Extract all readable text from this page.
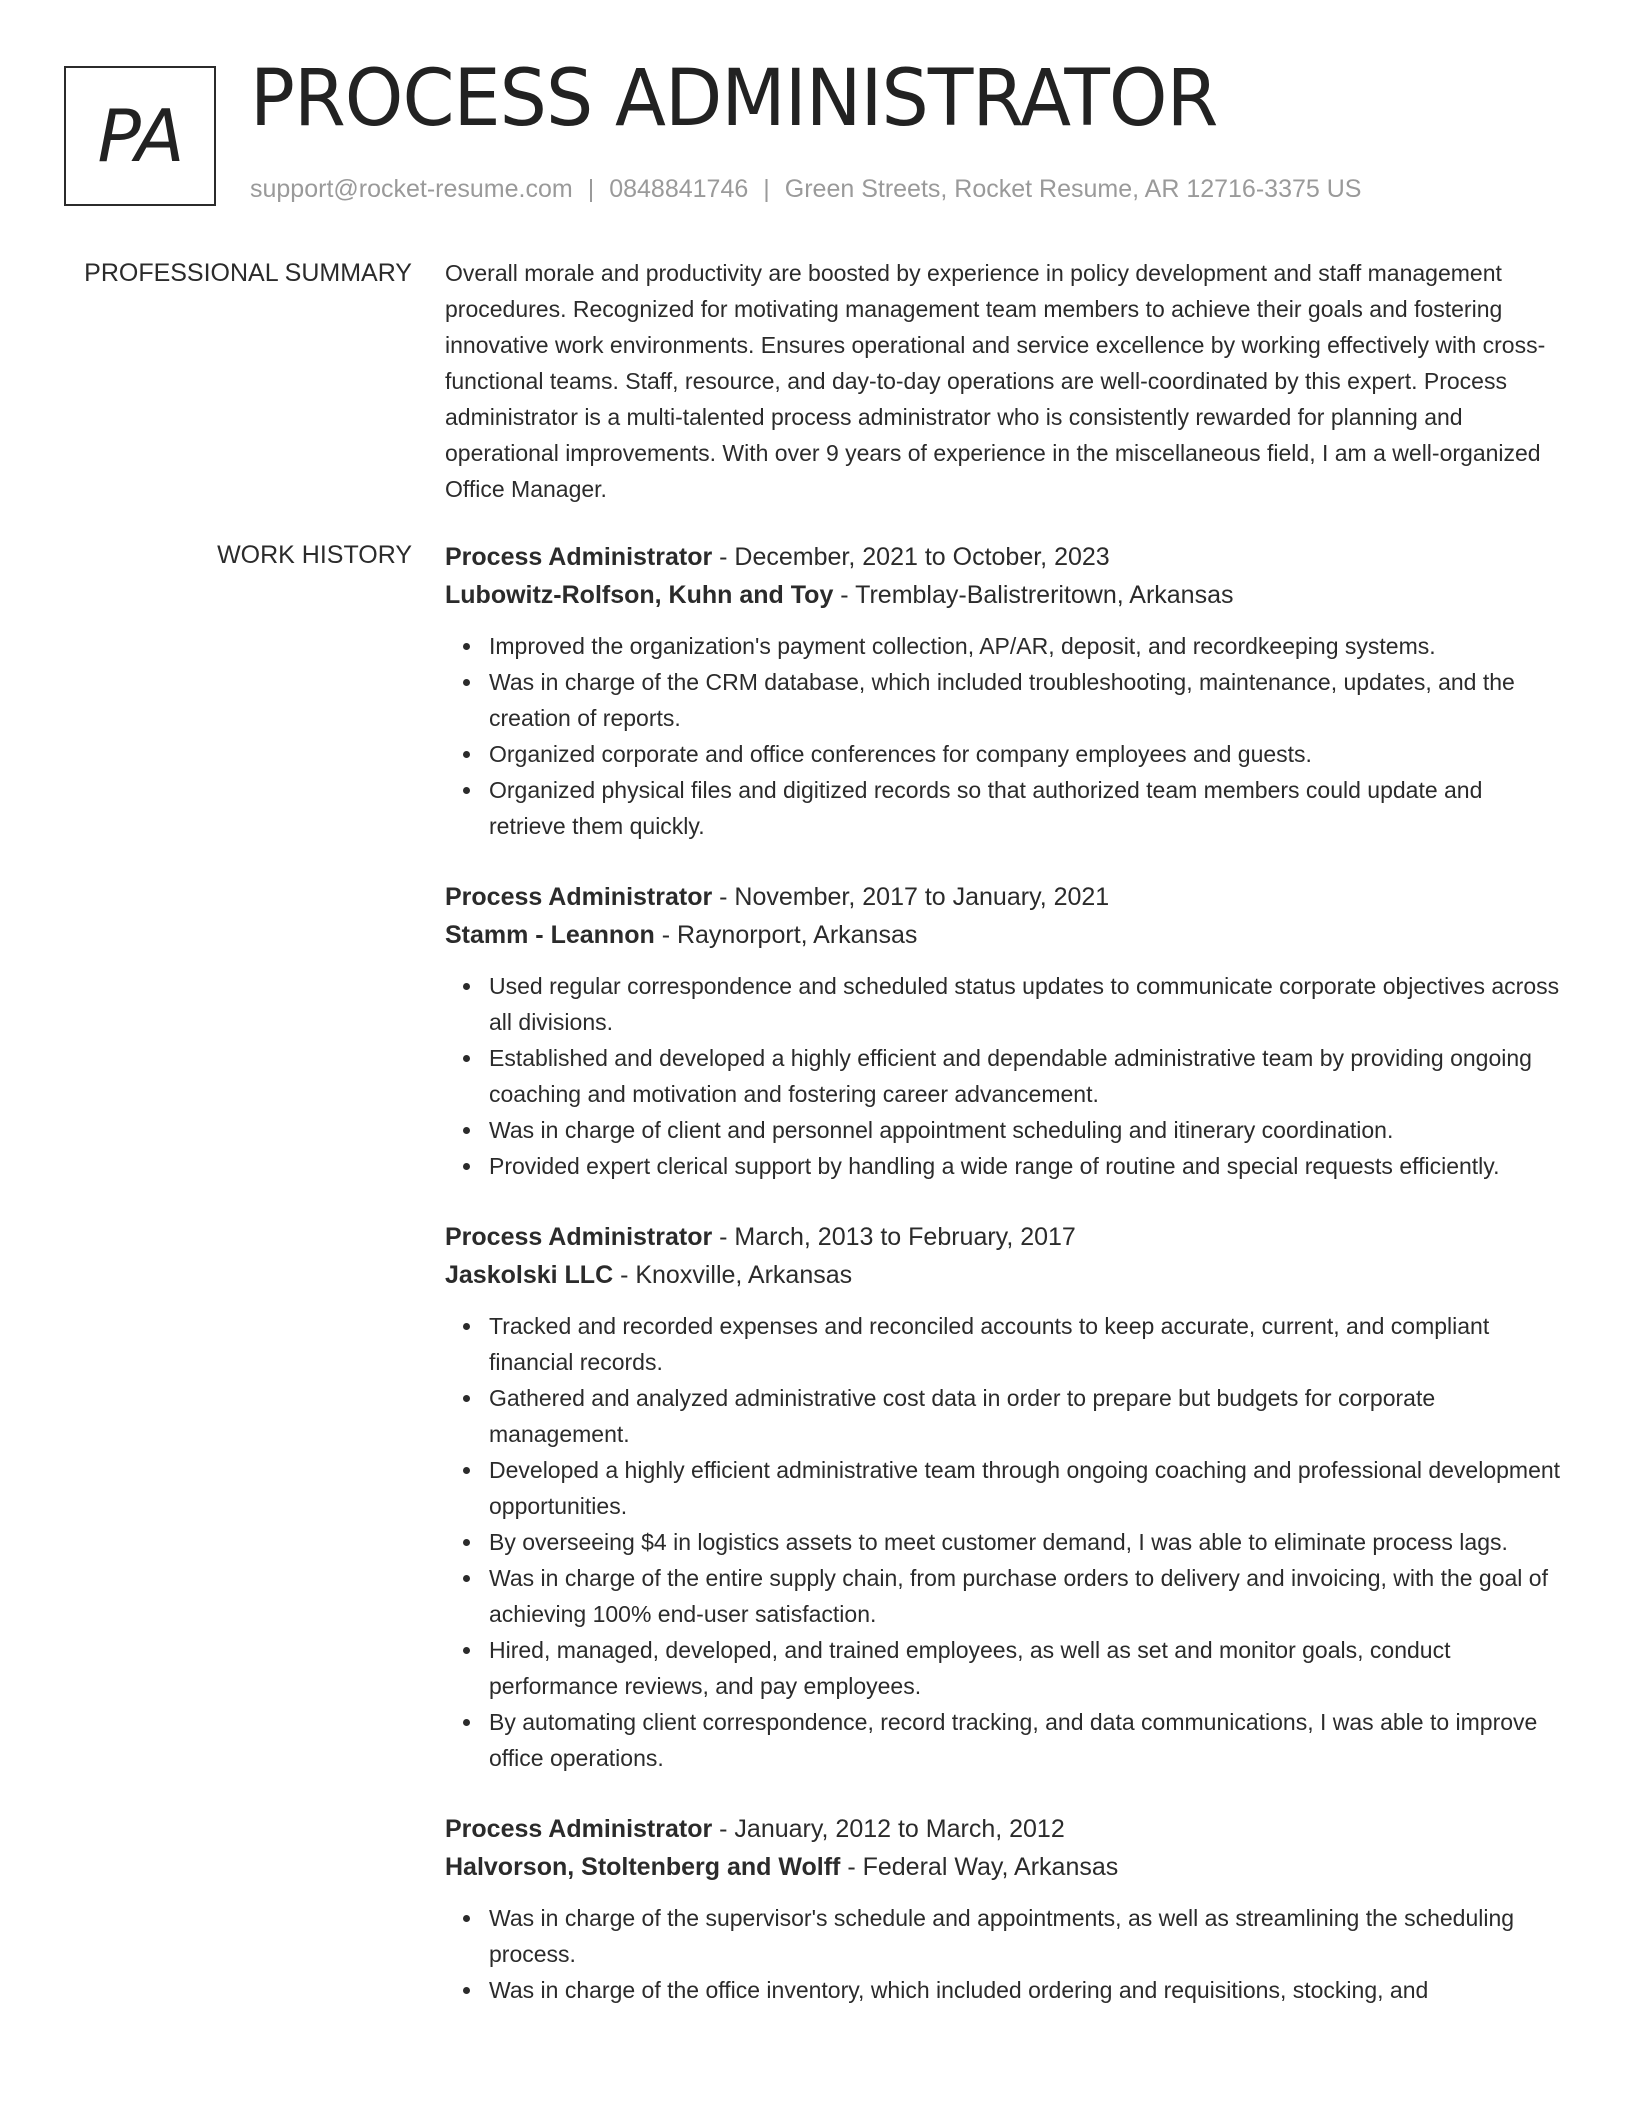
PA PROCESS ADMINISTRATOR
support@rocket-resume.com | 0848841746 | Green Streets, Rocket Resume, AR 12716-3375 US
PROFESSIONAL SUMMARY Overall morale and productivity are boosted by experience in policy development and staff management procedures. Recognized for motivating management team members to achieve their goals and fostering innovative work environments. Ensures operational and service excellence by working effectively with cross-functional teams. Staff, resource, and day-to-day operations are well-coordinated by this expert. Process administrator is a multi-talented process administrator who is consistently rewarded for planning and operational improvements. With over 9 years of experience in the miscellaneous field, I am a well-organized Office Manager.

WORK HISTORY Process Administrator - December, 2021 to October, 2023
Lubowitz-Rolfson, Kuhn and Toy - Tremblay-Balistreritown, Arkansas
Improved the organization's payment collection, AP/AR, deposit, and recordkeeping systems.
Was in charge of the CRM database, which included troubleshooting, maintenance, updates, and the creation of reports.
Organized corporate and office conferences for company employees and guests.
Organized physical files and digitized records so that authorized team members could update and retrieve them quickly.
Process Administrator - November, 2017 to January, 2021
Stamm - Leannon - Raynorport, Arkansas
Used regular correspondence and scheduled status updates to communicate corporate objectives across all divisions.
Established and developed a highly efficient and dependable administrative team by providing ongoing coaching and motivation and fostering career advancement.
Was in charge of client and personnel appointment scheduling and itinerary coordination.
Provided expert clerical support by handling a wide range of routine and special requests efficiently.
Process Administrator - March, 2013 to February, 2017
Jaskolski LLC - Knoxville, Arkansas
Tracked and recorded expenses and reconciled accounts to keep accurate, current, and compliant financial records.
Gathered and analyzed administrative cost data in order to prepare but budgets for corporate management.
Developed a highly efficient administrative team through ongoing coaching and professional development opportunities.
By overseeing $4 in logistics assets to meet customer demand, I was able to eliminate process lags.
Was in charge of the entire supply chain, from purchase orders to delivery and invoicing, with the goal of achieving 100% end-user satisfaction.
Hired, managed, developed, and trained employees, as well as set and monitor goals, conduct performance reviews, and pay employees.
By automating client correspondence, record tracking, and data communications, I was able to improve office operations.
Process Administrator - January, 2012 to March, 2012
Halvorson, Stoltenberg and Wolff - Federal Way, Arkansas
Was in charge of the supervisor's schedule and appointments, as well as streamlining the scheduling process.
Was in charge of the office inventory, which included ordering and requisitions, stocking, and
